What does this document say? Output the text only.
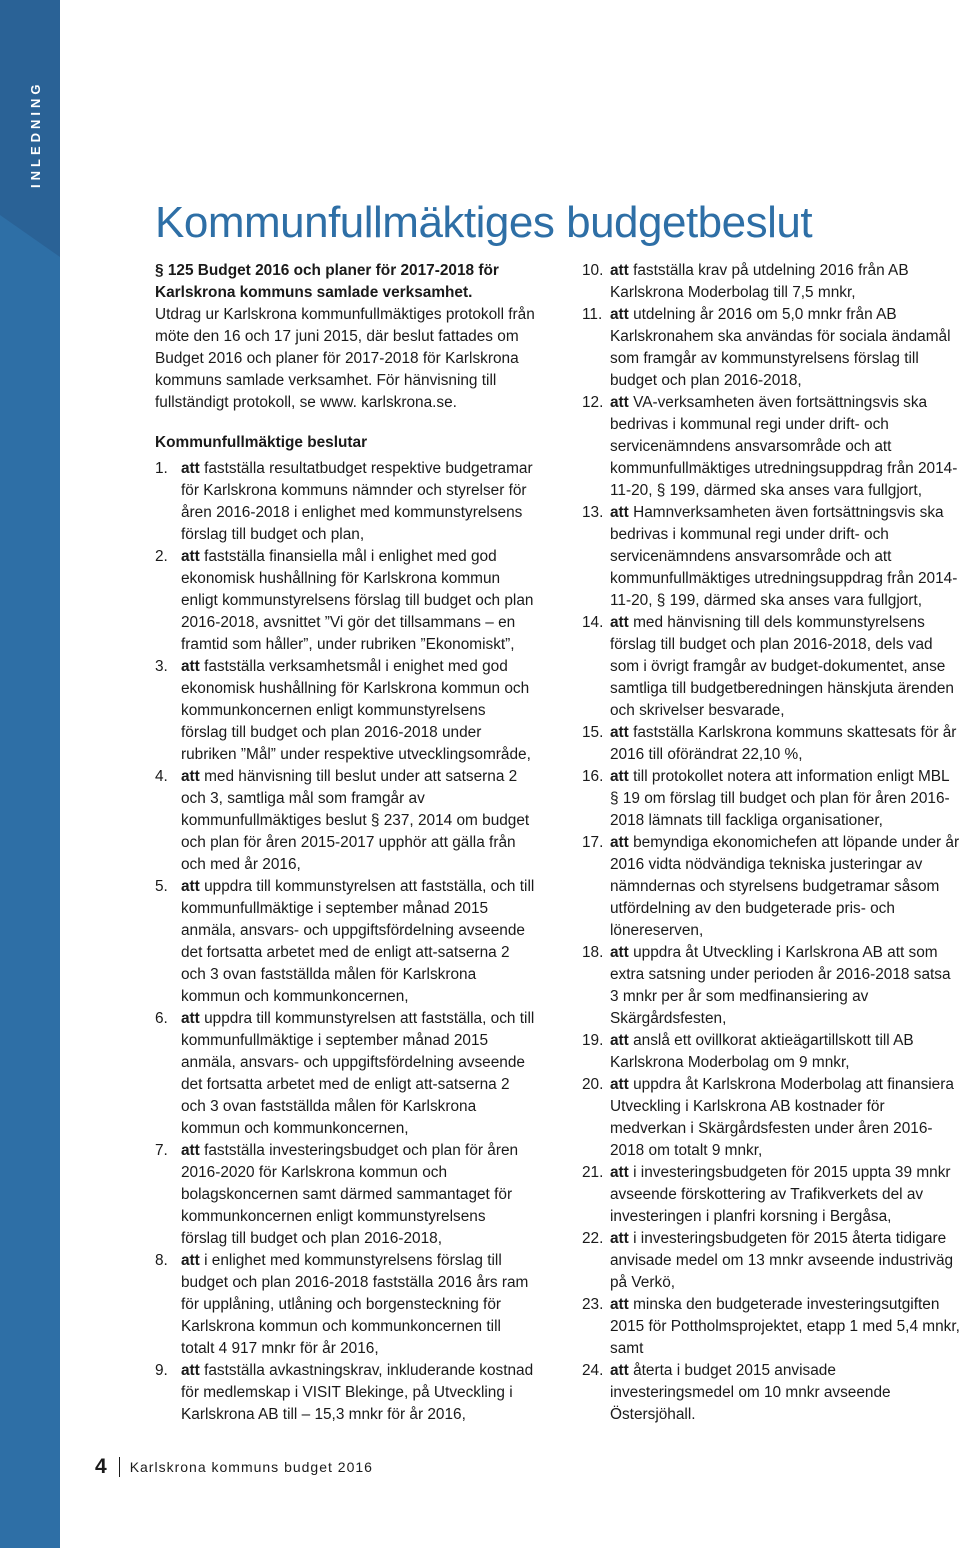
INLEDNING
Kommunfullmäktiges budgetbeslut

§ 125 Budget 2016 och planer för 2017-2018 för
Karlskrona kommuns samlade verksamhet.

Utdrag ur Karlskrona kommunfullmäktiges protokoll från möte den 16 och 17 juni 2015, där beslut fattades om Budget 2016 och planer för 2017-2018 för Karlskrona kommuns samlade verksamhet. För hänvisning till fullständigt protokoll, se www. karlskrona.se.

Kommunfullmäktige beslutar

1. att fastställa resultatbudget respektive budgetramar för Karlskrona kommuns nämnder och styrelser för åren 2016-2018 i enlighet med kommunstyrelsens förslag till budget och plan,
2. att fastställa finansiella mål i enlighet med god ekonomisk hushållning för Karlskrona kommun enligt kommunstyrelsens förslag till budget och plan 2016-2018, avsnittet ”Vi gör det tillsammans – en framtid som håller”, under rubriken ”Ekonomiskt”,
3. att fastställa verksamhetsmål i enighet med god ekonomisk hushållning för Karlskrona kommun och kommunkoncernen enligt kommunstyrelsens förslag till budget och plan 2016-2018 under rubriken ”Mål” under respektive utvecklingsområde,
4. att med hänvisning till beslut under att satserna 2 och 3, samtliga mål som framgår av kommunfullmäktiges beslut § 237, 2014 om budget och plan för åren 2015-2017 upphör att gälla från och med år 2016,
5. att uppdra till kommunstyrelsen att fastställa, och till kommunfullmäktige i september månad 2015 anmäla, ansvars- och uppgiftsfördelning avseende det fortsatta arbetet med de enligt att-satserna 2 och 3 ovan fastställda målen för Karlskrona kommun och kommunkoncernen,
6. att uppdra till kommunstyrelsen att fastställa, och till kommunfullmäktige i september månad 2015 anmäla, ansvars- och uppgiftsfördelning avseende det fortsatta arbetet med de enligt att-satserna 2 och 3 ovan fastställda målen för Karlskrona kommun och kommunkoncernen,
7. att fastställa investeringsbudget och plan för åren 2016-2020 för Karlskrona kommun och bolagskoncernen samt därmed sammantaget för kommunkoncernen enligt kommunstyrelsens förslag till budget och plan 2016-2018,
8. att i enlighet med kommunstyrelsens förslag till budget och plan 2016-2018 fastställa 2016 års ram för upplåning, utlåning och borgensteckning för Karlskrona kommun och kommunkoncernen till totalt 4 917 mnkr för år 2016,
9. att fastställa avkastningskrav, inkluderande kostnad för medlemskap i VISIT Blekinge, på Utveckling i Karlskrona AB till – 15,3 mnkr för år 2016,
10. att fastställa krav på utdelning 2016 från AB Karlskrona Moderbolag till 7,5 mnkr,
11. att utdelning år 2016 om 5,0 mnkr från AB Karlskronahem ska användas för sociala ändamål som framgår av kommunstyrelsens förslag till budget och plan 2016-2018,
12. att VA-verksamheten även fortsättningsvis ska bedrivas i kommunal regi under drift- och servicenämndens ansvarsområde och att kommunfullmäktiges utredningsuppdrag från 2014-11-20, § 199, därmed ska anses vara fullgjort,
13. att Hamnverksamheten även fortsättningsvis ska bedrivas i kommunal regi under drift- och servicenämndens ansvarsområde och att kommunfullmäktiges utredningsuppdrag från 2014-11-20, § 199, därmed ska anses vara fullgjort,
14. att med hänvisning till dels kommunstyrelsens förslag till budget och plan 2016-2018, dels vad som i övrigt framgår av budget-dokumentet, anse samtliga till budgetberedningen hänskjuta ärenden och skrivelser besvarade,
15. att fastställa Karlskrona kommuns skattesats för år 2016 till oförändrat 22,10 %,
16. att till protokollet notera att information enligt MBL § 19 om förslag till budget och plan för åren 2016-2018 lämnats till fackliga organisationer,
17. att bemyndiga ekonomichefen att löpande under år 2016 vidta nödvändiga tekniska justeringar av nämndernas och styrelsens budgetramar såsom utfördelning av den budgeterade pris- och lönereserven,
18. att uppdra åt Utveckling i Karlskrona AB att som extra satsning under perioden år 2016-2018 satsa 3 mnkr per år som medfinansiering av Skärgårdsfesten,
19. att anslå ett ovillkorat aktieägartillskott till AB Karlskrona Moderbolag om 9 mnkr,
20. att uppdra åt Karlskrona Moderbolag att finansiera Utveckling i Karlskrona AB kostnader för medverkan i Skärgårdsfesten under åren 2016-2018 om totalt 9 mnkr,
21. att i investeringsbudgeten för 2015 uppta 39 mnkr avseende förskottering av Trafikverkets del av investeringen i planfri korsning i Bergåsa,
22. att i investeringsbudgeten för 2015 återta tidigare anvisade medel om 13 mnkr avseende industriväg på Verkö,
23. att minska den budgeterade investeringsutgiften 2015 för Pottholmsprojektet, etapp 1 med 5,4 mnkr, samt
24. att återta i budget 2015 anvisade investeringsmedel om 10 mnkr avseende Östersjöhall.
4 Karlskrona kommuns budget 2016
